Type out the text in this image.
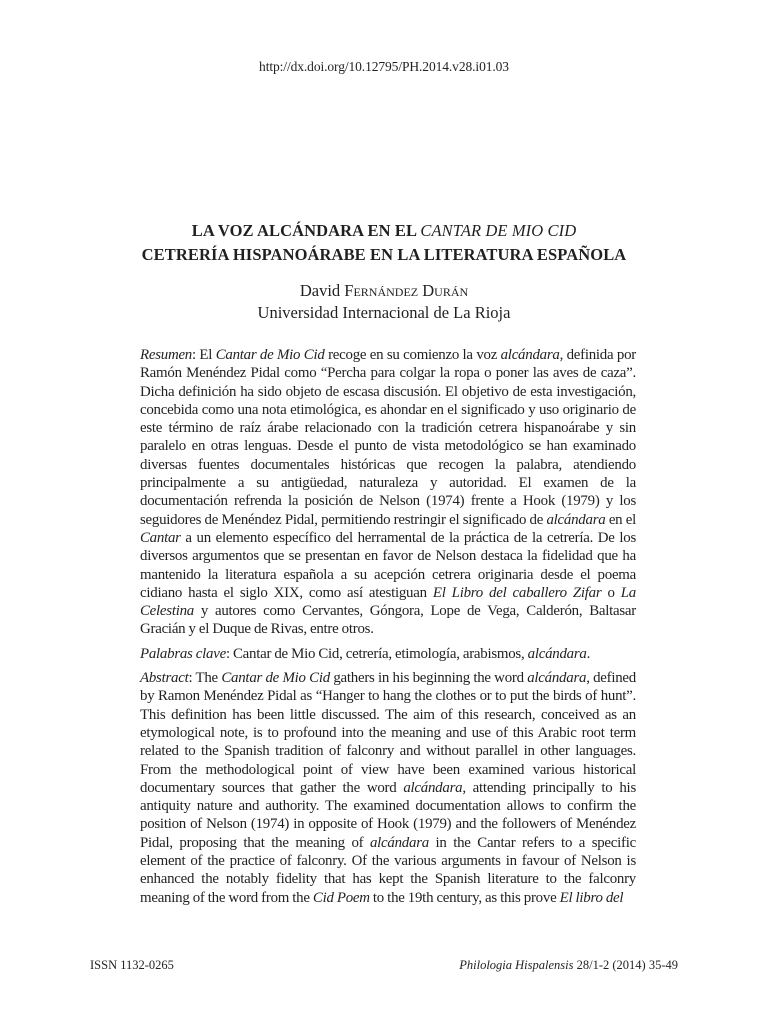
http://dx.doi.org/10.12795/PH.2014.v28.i01.03
LA VOZ ALCÁNDARA EN EL CANTAR DE MIO CID
CETRERÍA HISPANOÁRABE EN LA LITERATURA ESPAÑOLA
David Fernández Durán
Universidad Internacional de La Rioja

Resumen: El Cantar de Mio Cid recoge en su comienzo la voz alcándara, definida por Ramón Menéndez Pidal como “Percha para colgar la ropa o poner las aves de caza”. Dicha definición ha sido objeto de escasa discusión. El objetivo de esta investigación, concebida como una nota etimológica, es ahondar en el significado y uso originario de este término de raíz árabe relacionado con la tradición cetrera hispanoárabe y sin paralelo en otras lenguas. Desde el punto de vista metodológico se han examinado diversas fuentes documentales históricas que recogen la palabra, atendiendo principalmente a su antigüedad, naturaleza y autoridad. El examen de la documentación refrenda la posición de Nelson (1974) frente a Hook (1979) y los seguidores de Menéndez Pidal, permitiendo restringir el significado de alcándara en el Cantar a un elemento específico del herramental de la práctica de la cetrería. De los diversos argumentos que se presentan en favor de Nelson destaca la fidelidad que ha mantenido la literatura española a su acepción cetrera originaria desde el poema cidiano hasta el siglo XIX, como así atestiguan El Libro del caballero Zifar o La Celestina y autores como Cervantes, Góngora, Lope de Vega, Calderón, Baltasar Gracián y el Duque de Rivas, entre otros.

Palabras clave: Cantar de Mio Cid, cetrería, etimología, arabismos, alcándara.

Abstract: The Cantar de Mio Cid gathers in his beginning the word alcándara, defined by Ramon Menéndez Pidal as “Hanger to hang the clothes or to put the birds of hunt”. This definition has been little discussed. The aim of this research, conceived as an etymological note, is to profound into the meaning and use of this Arabic root term related to the Spanish tradition of falconry and without parallel in other languages. From the methodological point of view have been examined various historical documentary sources that gather the word alcándara, attending principally to his antiquity nature and authority. The examined documentation allows to confirm the position of Nelson (1974) in opposite of Hook (1979) and the followers of Menéndez Pidal, proposing that the meaning of alcándara in the Cantar refers to a specific element of the practice of falconry. Of the various arguments in favour of Nelson is enhanced the notably fidelity that has kept the Spanish literature to the falconry meaning of the word from the Cid Poem to the 19th century, as this prove El libro del

ISSN 1132-0265	Philologia Hispalensis 28/1-2 (2014) 35-49
